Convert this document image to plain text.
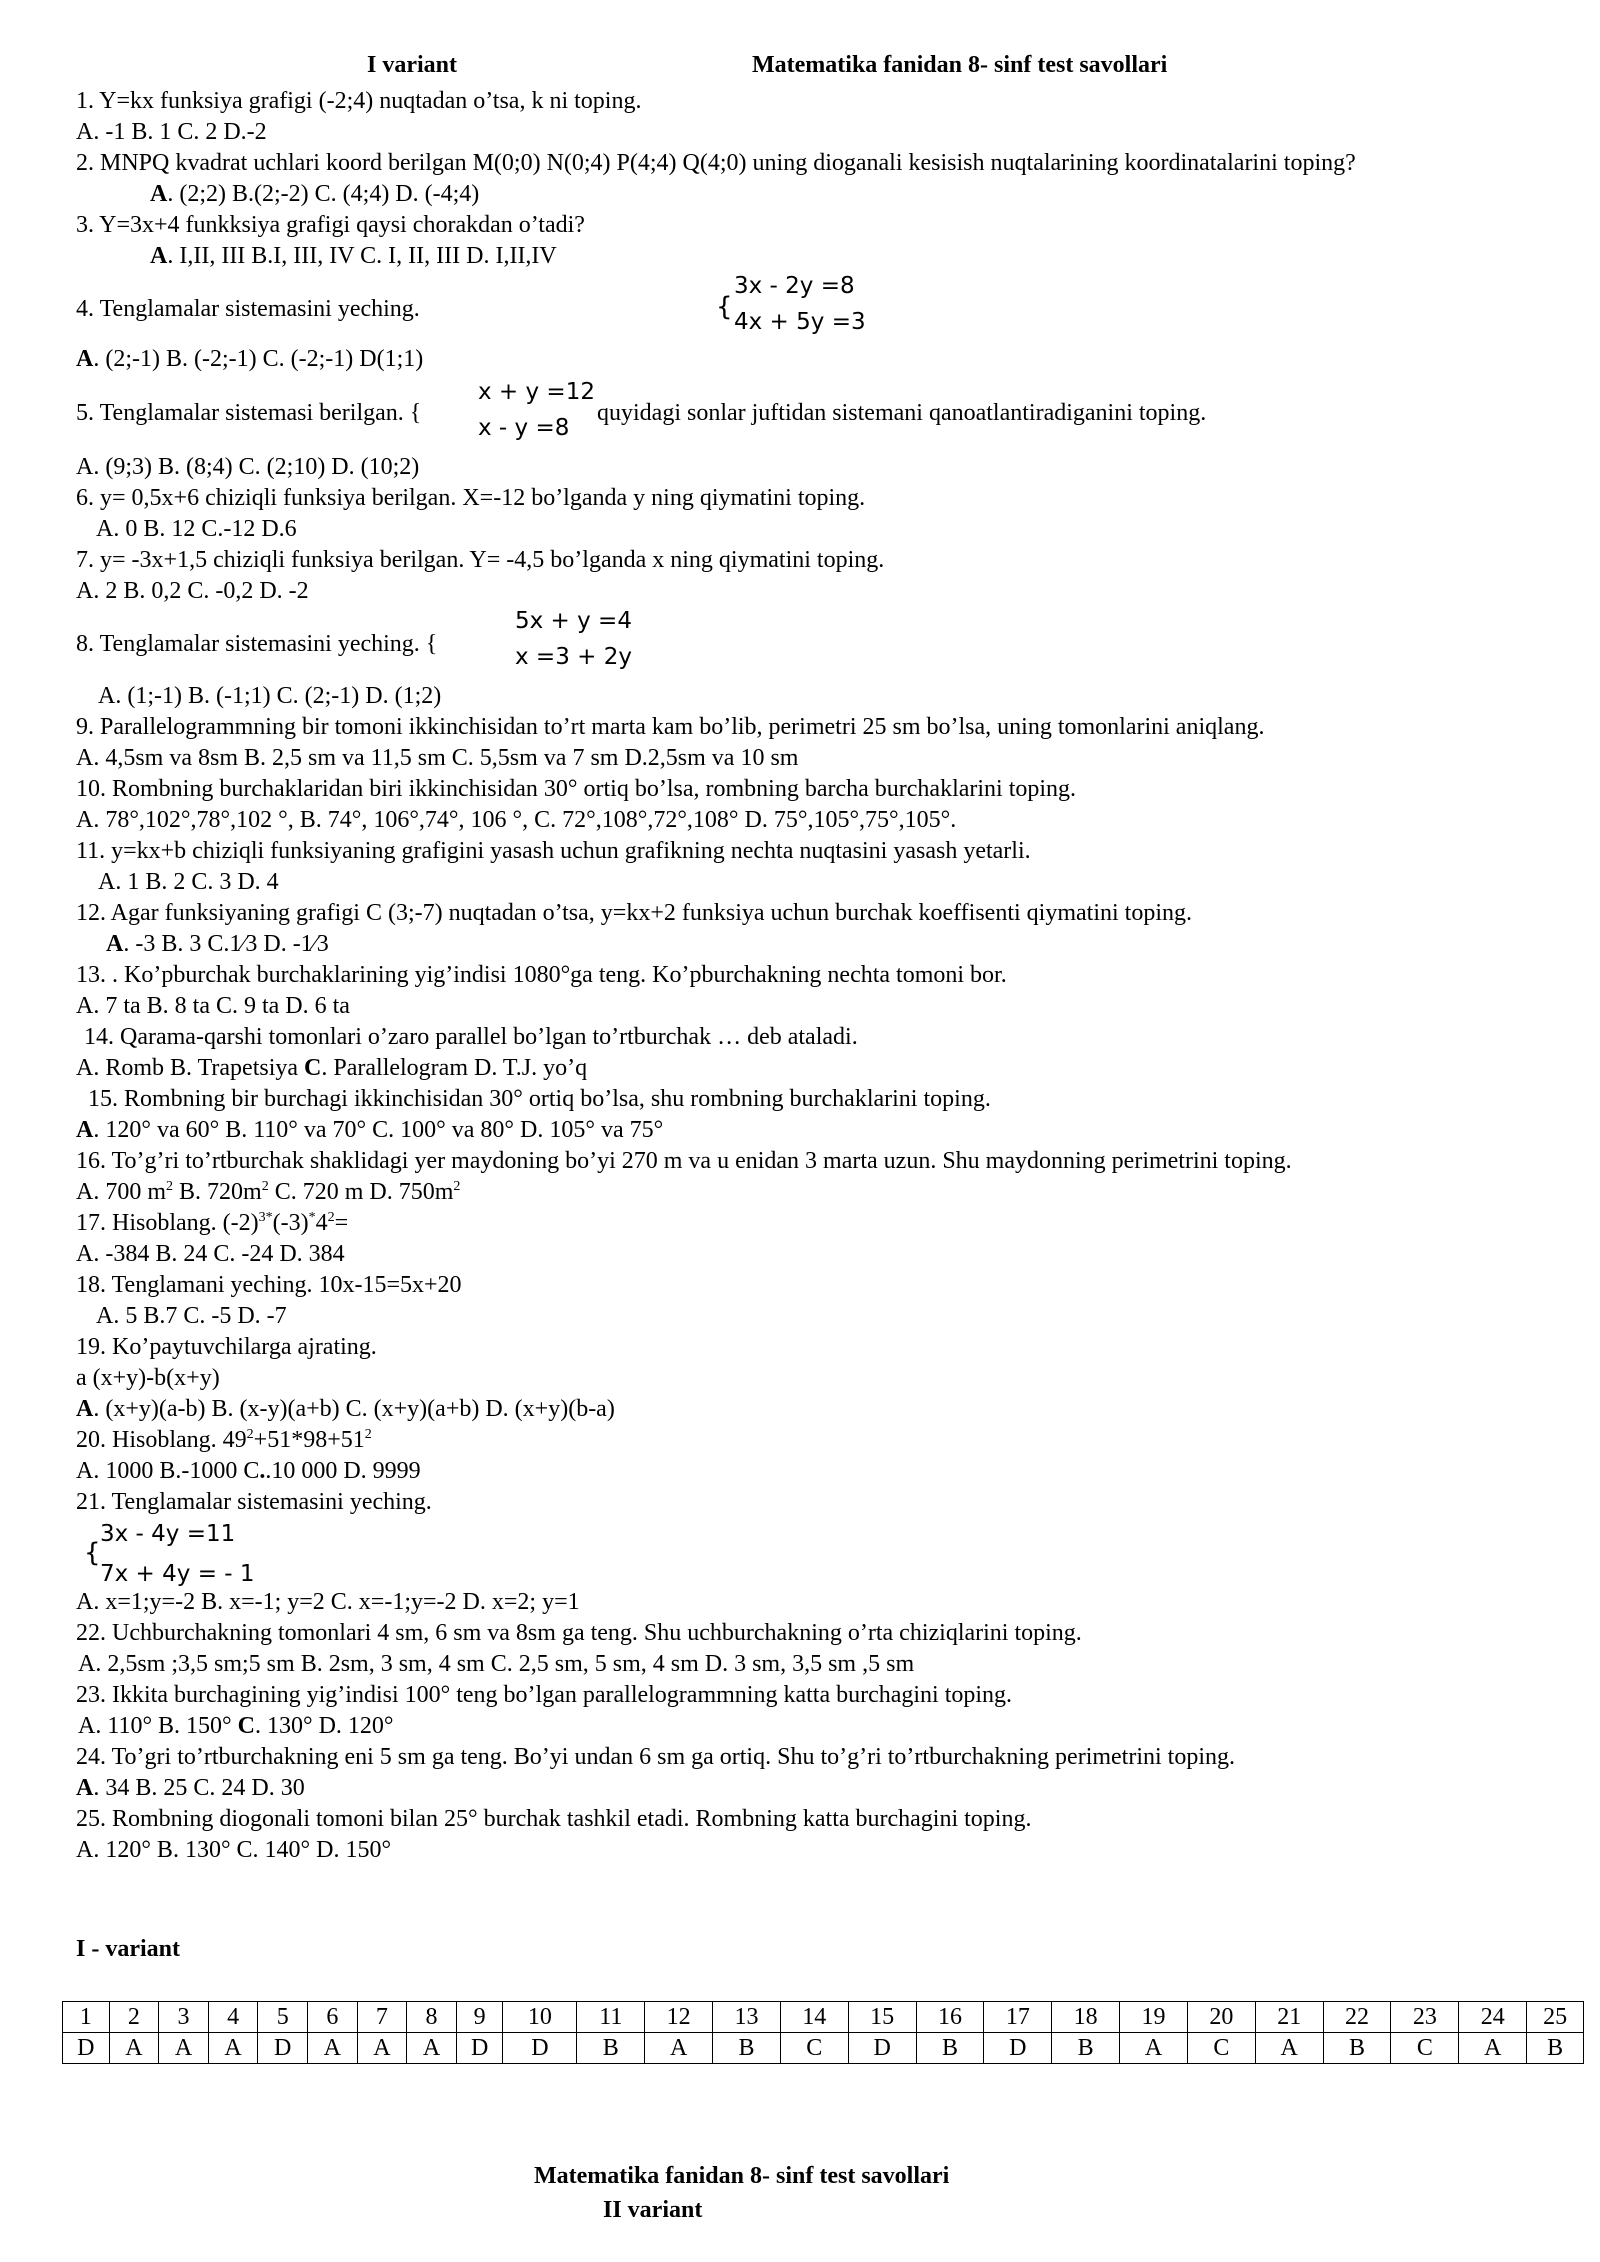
I variant	Matematika fanidan 8- sinf test savollari
1. Y=kx funksiya grafigi (-2;4) nuqtadan o’tsa, k ni toping.
A. -1 B. 1 C. 2 D.-2
2. MNPQ kvadrat uchlari koord berilgan M(0;0) N(0;4) P(4;4) Q(4;0) uning dioganali kesisish nuqtalarining koordinatalarini toping?
A. (2;2) B.(2;-2) C. (4;4) D. (-4;4)
3. Y=3x+4 funkksiya grafigi qaysi chorakdan o’tadi?
A. I,II, III B.I, III, IV C. I, II, III D. I,II,IV
4. Tenglamalar sistemasini yeching.
A. (2;-1) B. (-2;-1) C. (-2;-1) D(1;1)
5. Tenglamalar sistemasi berilgan. {	quyidagi sonlar juftidan sistemani qanoatlantiradiganini toping.
A. (9;3) B. (8;4) C. (2;10) D. (10;2)
6. y= 0,5x+6 chiziqli funksiya berilgan. X=-12 bo’lganda y ning qiymatini toping.
A. 0 B. 12 C.-12 D.6
7. y= -3x+1,5 chiziqli funksiya berilgan. Y= -4,5 bo’lganda x ning qiymatini toping.
A. 2 B. 0,2 C. -0,2 D. -2
8. Tenglamalar sistemasini yeching. {
A. (1;-1) B. (-1;1) C. (2;-1) D. (1;2)
9. Parallelogrammning bir tomoni ikkinchisidan to’rt marta kam bo’lib, perimetri 25 sm bo’lsa, uning tomonlarini aniqlang.
A. 4,5sm va 8sm B. 2,5 sm va 11,5 sm C. 5,5sm va 7 sm D.2,5sm va 10 sm
10. Rombning burchaklaridan biri ikkinchisidan 30° ortiq bo’lsa, rombning barcha burchaklarini toping.
A. 78°,102°,78°,102 °, B. 74°, 106°,74°, 106 °, C. 72°,108°,72°,108° D. 75°,105°,75°,105°.
11. y=kx+b chiziqli funksiyaning grafigini yasash uchun grafikning nechta nuqtasini yasash yetarli.
A. 1 B. 2 C. 3 D. 4
12. Agar funksiyaning grafigi C (3;-7) nuqtadan o’tsa, y=kx+2 funksiya uchun burchak koeffisenti qiymatini toping.
A. -3 B. 3 C.1⁄3 D. -1⁄3
13. . Ko’pburchak burchaklarining yig’indisi 1080°ga teng. Ko’pburchakning nechta tomoni bor.
A. 7 ta B. 8 ta C. 9 ta D. 6 ta
14. Qarama-qarshi tomonlari o’zaro parallel bo’lgan to’rtburchak … deb ataladi.
A. Romb B. Trapetsiya C. Parallelogram D. T.J. yo’q
15. Rombning bir burchagi ikkinchisidan 30° ortiq bo’lsa, shu rombning burchaklarini toping.
A. 120° va 60° B. 110° va 70° C. 100° va 80° D. 105° va 75°
16. To’g’ri to’rtburchak shaklidagi yer maydoning bo’yi 270 m va u enidan 3 marta uzun. Shu maydonning perimetrini toping.
A. 700 $m^2$ B. $720m^2$ C. 720 m D. $750m^2$
17. Hisoblang. $(-2)^{3*}(-3)^*4^2=$
A. -384 B. 24 C. -24 D. 384
18. Tenglamani yeching. 10x-15=5x+20
A. 5 B.7 C. -5 D. -7
19. Ko’paytuvchilarga ajrating.
a (x+y)-b(x+y)
A. (x+y)(a-b) B. (x-y)(a+b) C. (x+y)(a+b) D. (x+y)(b-a)
20. Hisoblang. $49^2+51*98+51^2$
A. 1000 B.-1000 C..10 000 D. 9999
21. Tenglamalar sistemasini yeching.
A. x=1;y=-2 B. x=-1; y=2 C. x=-1;y=-2 D. x=2; y=1
22. Uchburchakning tomonlari 4 sm, 6 sm va 8sm ga teng. Shu uchburchakning o’rta chiziqlarini toping.
A. 2,5sm ;3,5 sm;5 sm B. 2sm, 3 sm, 4 sm C. 2,5 sm, 5 sm, 4 sm D. 3 sm, 3,5 sm ,5 sm
23. Ikkita burchagining yig’indisi 100° teng bo’lgan parallelogrammning katta burchagini toping.
A. 110° B. 150° C. 130° D. 120°
24. To’gri to’rtburchakning eni 5 sm ga teng. Bo’yi undan 6 sm ga ortiq. Shu to’g’ri to’rtburchakning perimetrini toping.
A. 34 B. 25 C. 24 D. 30
25. Rombning diogonali tomoni bilan 25° burchak tashkil etadi. Rombning katta burchagini toping.
A. 120° B. 130° C. 140° D. 150°
{
3x - 2y =8
4x + 5y =3
x + y =12
x - y =8
5x + y =4
x =3 + 2y
{
3x - 4y =11
7x + 4y = - 1
I - variant
1	2	3	4	5	6	7	8	9	10	11	12	13	14	15	16	17	18	19	20	21	22	23	24	25
D	A	A	A	D	A	A	A	D	D	B	A	B	C	D	B	D	B	A	C	A	B	C	A	B
Matematika fanidan 8- sinf test savollari
II variant
